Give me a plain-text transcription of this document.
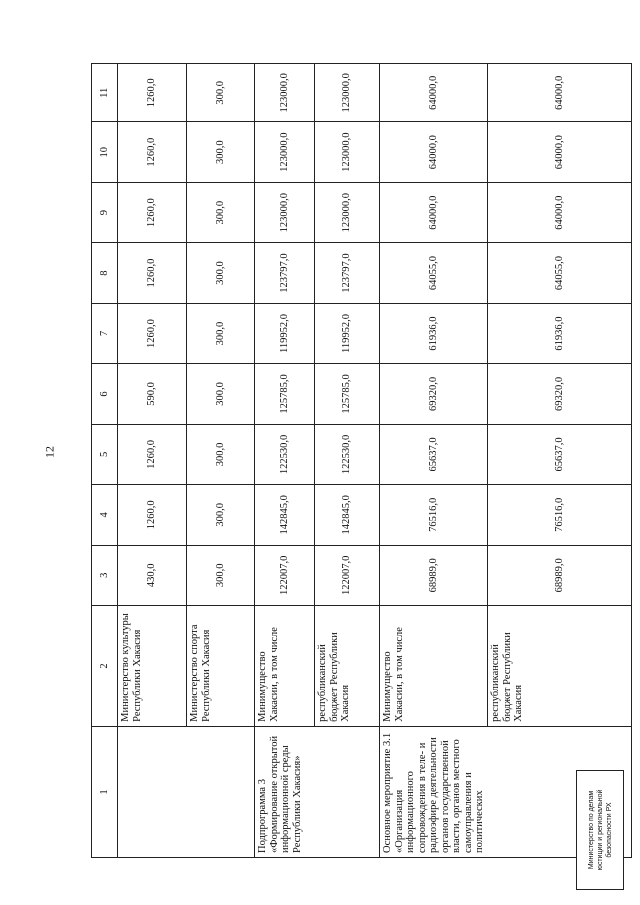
12
1	2	3	4	5	6	7	8	9	10	11
	Министерство культуры Республики Хакасия	430,0	1260,0	1260,0	590,0	1260,0	1260,0	1260,0	1260,0	1260,0
	Министерство спорта Республики Хакасия	300,0	300,0	300,0	300,0	300,0	300,0	300,0	300,0	300,0
Подпрограмма 3 «Формирование открытой информационной среды Республики Хакасия»	Минимущество Хакасии, в том числе	122007,0	142845,0	122530,0	125785,0	119952,0	123797,0	123000,0	123000,0	123000,0
	республиканский бюджет Республики Хакасия	122007,0	142845,0	122530,0	125785,0	119952,0	123797,0	123000,0	123000,0	123000,0
Основное мероприятие 3.1 «Организация информационного сопровождения в теле- и радиоэфире деятельности органов государственной власти, органов местного самоуправления и политических	Минимущество Хакасии, в том числе	68989,0	76516,0	65637,0	69320,0	61936,0	64055,0	64000,0	64000,0	64000,0
	республиканский бюджет Республики Хакасия	68989,0	76516,0	65637,0	69320,0	61936,0	64055,0	64000,0	64000,0	64000,0
Министерство по делам юстиции и региональной безопасности РХ
